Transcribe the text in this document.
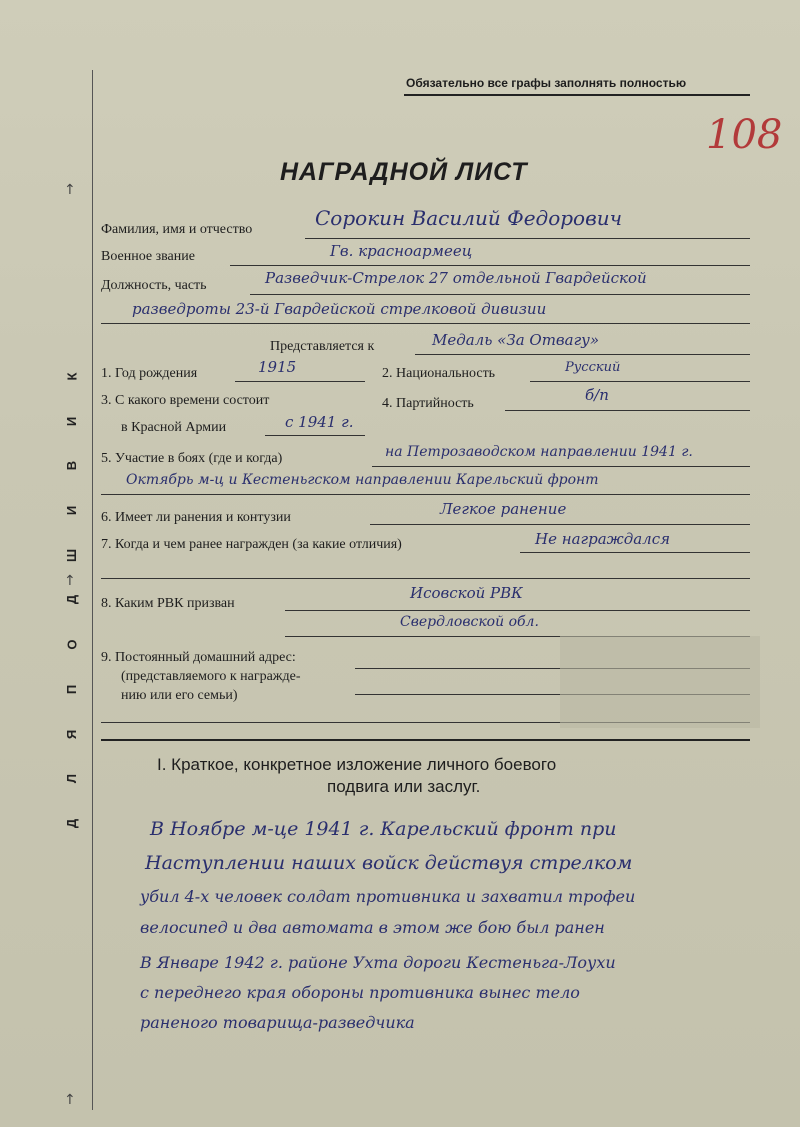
К
И
В
И
Ш
Д
О
П
Я
Л
Д
Обязательно все графы заполнять полностью
108
НАГРАДНОЙ ЛИСТ
Фамилия, имя и отчество	Сорокин Василий Федорович
Военное звание	Гв. красноармеец
Должность, часть	Разведчик-Стрелок 27 отдельной Гвардейской
разведроты 23-й Гвардейской стрелковой дивизии
Представляется к	Медаль «За Отвагу»
1. Год рождения	1915	2. Национальность	Русский
3. С какого времени состоит
в Красной Армии	с 1941 г.
4. Партийность	б/п
5. Участие в боях (где и когда)	на Петрозаводском направлении 1941 г.
Октябрь м-ц и Кестеньгском направлении Карельский фронт
6. Имеет ли ранения и контузии	Легкое ранение
7. Когда и чем ранее награжден (за какие отличия)	Не награждался
8. Каким РВК призван
Исовской РВК
Свердловской обл.
9. Постоянный домашний адрес:
(представляемого к награжде-
нию или его семьи)
I. Краткое, конкретное изложение личного боевого
подвига или заслуг.
В Ноябре м-це 1941 г. Карельский фронт при
Наступлении наших войск действуя стрелком
убил 4-х человек солдат противника и захватил трофеи
велосипед и два автомата в этом же бою был ранен
В Январе 1942 г. районе Ухта дороги Кестеньга-Лоухи
с переднего края обороны противника вынес тело
раненого товарища-разведчика
↑
↑
↑
